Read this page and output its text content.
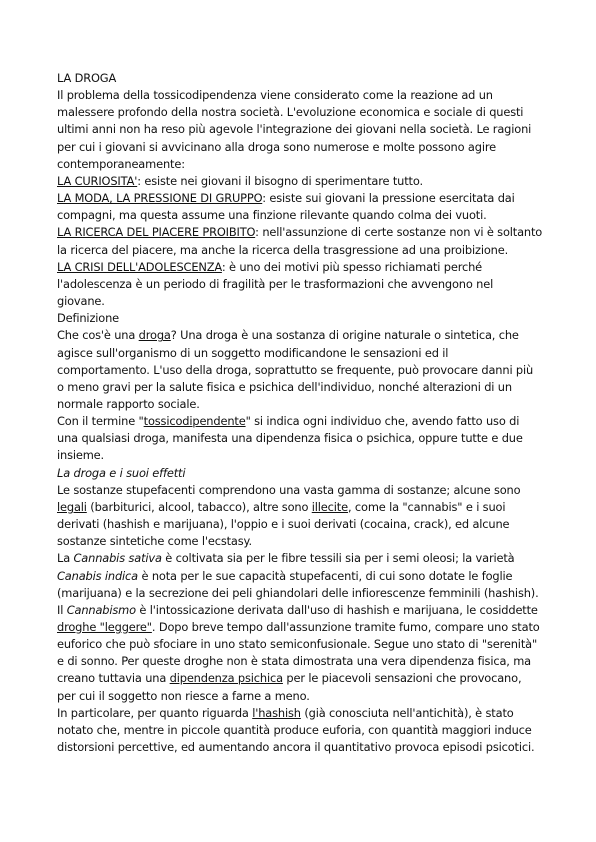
LA DROGA

Il problema della tossicodipendenza viene considerato come la reazione ad un malessere profondo della nostra società. L'evoluzione economica e sociale di questi ultimi anni non ha reso più agevole l'integrazione dei giovani nella società. Le ragioni per cui i giovani si avvicinano alla droga sono numerose e molte possono agire contemporaneamente:

LA CURIOSITA': esiste nei giovani il bisogno di sperimentare tutto.

LA MODA, LA PRESSIONE DI GRUPPO: esiste sui giovani la pressione esercitata dai compagni, ma questa assume una finzione rilevante quando colma dei vuoti.

LA RICERCA DEL PIACERE PROIBITO: nell'assunzione di certe sostanze non vi è soltanto la ricerca del piacere, ma anche la ricerca della trasgressione ad una proibizione.

LA CRISI DELL'ADOLESCENZA: è uno dei motivi più spesso richiamati perché l'adolescenza è un periodo di fragilità per le trasformazioni che avvengono nel giovane.

Definizione

Che cos'è una droga? Una droga è una sostanza di origine naturale o sintetica, che agisce sull'organismo di un soggetto modificandone le sensazioni ed il comportamento. L'uso della droga, soprattutto se frequente, può provocare danni più o meno gravi per la salute fisica e psichica dell'individuo, nonché alterazioni di un normale rapporto sociale.

Con il termine "tossicodipendente" si indica ogni individuo che, avendo fatto uso di una qualsiasi droga, manifesta una dipendenza fisica o psichica, oppure tutte e due insieme.

La droga e i suoi effetti

Le sostanze stupefacenti comprendono una vasta gamma di sostanze; alcune sono legali (barbiturici, alcool, tabacco), altre sono illecite, come la "cannabis" e i suoi derivati (hashish e marijuana), l'oppio e i suoi derivati (cocaina, crack), ed alcune sostanze sintetiche come l'ecstasy.

La Cannabis sativa è coltivata sia per le fibre tessili sia per i semi oleosi; la varietà Canabis indica è nota per le sue capacità stupefacenti, di cui sono dotate le foglie (marijuana) e la secrezione dei peli ghiandolari delle infiorescenze femminili (hashish).

Il Cannabismo è l'intossicazione derivata dall'uso di hashish e marijuana, le cosiddette droghe "leggere". Dopo breve tempo dall'assunzione tramite fumo, compare uno stato euforico che può sfociare in uno stato semiconfusionale. Segue uno stato di "serenità" e di sonno. Per queste droghe non è stata dimostrata una vera dipendenza fisica, ma creano tuttavia una dipendenza psichica per le piacevoli sensazioni che provocano, per cui il soggetto non riesce a farne a meno.

In particolare, per quanto riguarda l'hashish (già conosciuta nell'antichità), è stato notato che, mentre in piccole quantità produce euforia, con quantità maggiori induce distorsioni percettive, ed aumentando ancora il quantitativo provoca episodi psicotici.
